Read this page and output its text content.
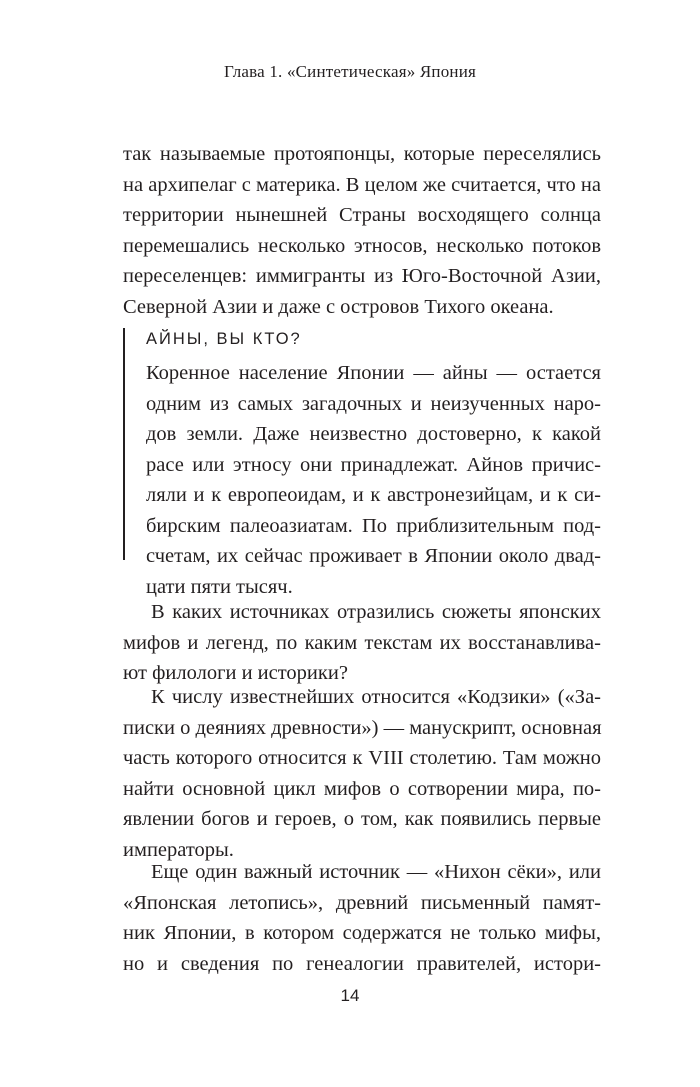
Глава 1. «Синтетическая» Япония
так называемые протояпонцы, которые переселялись
на архипелаг с материка. В целом же считается, что на
территории нынешней Страны восходящего солнца
перемешались несколько этносов, несколько потоков
переселенцев: иммигранты из Юго-Восточной Азии,
Северной Азии и даже с островов Тихого океана.
АЙНЫ, ВЫ КТО?
Коренное население Японии — айны — остается
одним из самых загадочных и неизученных наро-
дов земли. Даже неизвестно достоверно, к какой
расе или этносу они принадлежат. Айнов причис-
ляли и к европеоидам, и к австронезийцам, и к си-
бирским палеоазиатам. По приблизительным под-
счетам, их сейчас проживает в Японии около двад-
цати пяти тысяч.
В каких источниках отразились сюжеты японских
мифов и легенд, по каким текстам их восстанавлива-
ют филологи и историки?
К числу известнейших относится «Кодзики» («За-
писки о деяниях древности») — манускрипт, основная
часть которого относится к VIII столетию. Там можно
найти основной цикл мифов о сотворении мира, по-
явлении богов и героев, о том, как появились первые
императоры.
Еще один важный источник — «Нихон сёки», или
«Японская летопись», древний письменный памят-
ник Японии, в котором содержатся не только мифы,
но и сведения по генеалогии правителей, истори-
14
